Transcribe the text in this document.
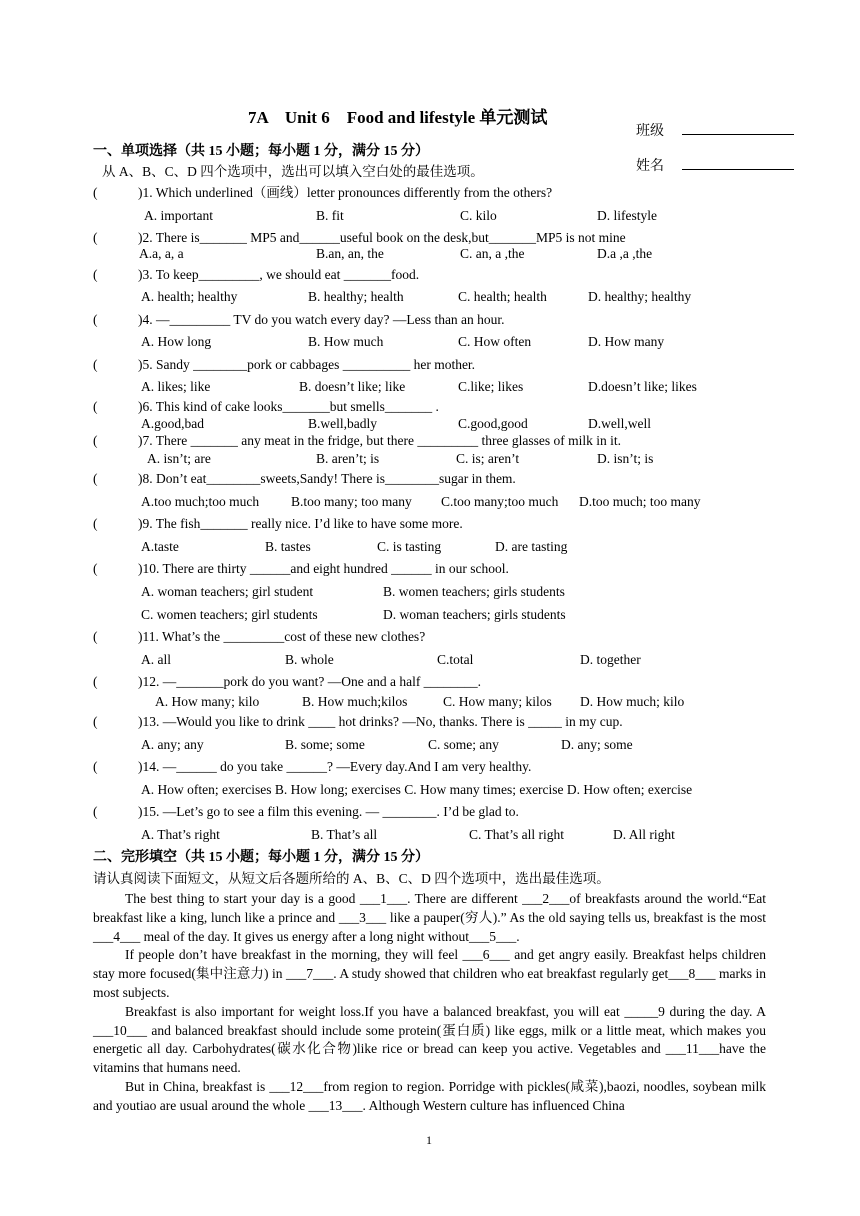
7A　Unit 6　Food and lifestyle 单元测试
班级
姓名
一、单项选择（共 15 小题；每小题 1 分，满分 15 分）
从 A、B、C、D 四个选项中，选出可以填入空白处的最佳选项。
(　　　)1. Which underlined（画线）letter pronounces differently from the others?
A. important	B. fit	C. kilo	D. lifestyle
(　　　)2. There is_______ MP5 and______useful book on the desk,but_______MP5 is not mine
A.a, a, a	B.an, an, the	C. an, a ,the	D.a ,a ,the
(　　　)3. To keep_________, we should eat _______food.
A. health; healthy	B. healthy; health	C. health; health	D. healthy; healthy
(　　　)4. —_________ TV do you watch every day? —Less than an hour.
A. How long	B. How much	C. How often	D. How many
(　　　)5. Sandy ________pork or cabbages __________ her mother.
A. likes; like	B. doesn’t like; like	C.like; likes	D.doesn’t like; likes
(　　　)6. This kind of cake looks_______but smells_______ .
A.good,bad	B.well,badly	C.good,good	D.well,well
(　　　)7. There _______ any meat in the fridge, but there _________ three glasses of milk in it.
A. isn’t; are	B. aren’t; is	C. is; aren’t	D. isn’t; is
(　　　)8. Don’t eat________sweets,Sandy! There is________sugar in them.
A.too much;too much B.too many; too many C.too many;too much D.too much; too many
(　　　)9. The fish_______ really nice. I’d like to have some more.
A.taste	B. tastes	C. is tasting	D. are tasting
(　　　)10. There are thirty ______and eight hundred ______ in our school.
A. woman teachers; girl student	B. women teachers; girls students
C. women teachers; girl students	D. woman teachers; girls students
(　　　)11. What’s the _________cost of these new clothes?
A. all	B. whole	C.total	D. together
(　　　)12. —_______pork do you want? —One and a half ________.
A. How many; kilo	B. How much;kilos	C. How many; kilos D. How much; kilo
(　　　)13. —Would you like to drink ____ hot drinks? —No, thanks. There is _____ in my cup.
A. any; any	B. some; some	C. some; any	D. any; some
(　　　)14. —______ do you take ______? —Every day.And I am very healthy.
A. How often; exercises B. How long; exercises C. How many times; exercise D. How often; exercise
(　　　)15. —Let’s go to see a film this evening. — ________. I’d be glad to.
A. That’s right	B. That’s all	C. That’s all right	D. All right
二、完形填空（共 15 小题；每小题 1 分，满分 15 分）
请认真阅读下面短文，从短文后各题所给的 A、B、C、D 四个选项中，选出最佳选项。

The best thing to start your day is a good ___1___. There are different ___2___of breakfasts around the world.“Eat breakfast like a king, lunch like a prince and ___3___ like a pauper(穷人).” As the old saying tells us, breakfast is the most ___4___ meal of the day. It gives us energy after a long night without___5___.

If people don’t have breakfast in the morning, they will feel ___6___ and get angry easily. Breakfast helps children stay more focused(集中注意力) in ___7___. A study showed that children who eat breakfast regularly get___8___ marks in most subjects.

Breakfast is also important for weight loss.If you have a balanced breakfast, you will eat _____9 during the day. A ___10___ and balanced breakfast should include some protein(蛋白质) like eggs, milk or a little meat, which makes you energetic all day. Carbohydrates(碳水化合物)like rice or bread can keep you active. Vegetables and ___11___have the vitamins that humans need.

But in China, breakfast is ___12___from region to region. Porridge with pickles(咸菜),baozi, noodles, soybean milk and youtiao are usual around the whole ___13___. Although Western culture has influenced China

1
